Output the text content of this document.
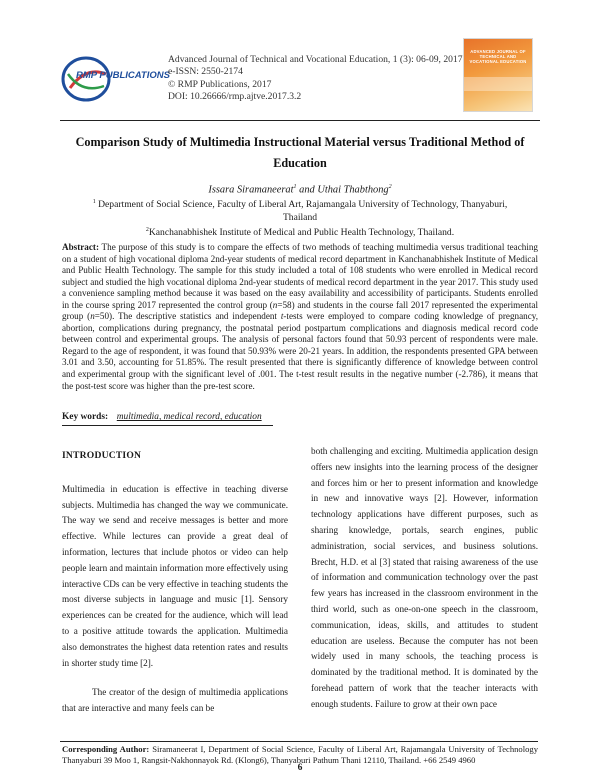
RMP PUBLICATIONS
Advanced Journal of Technical and Vocational Education, 1 (3): 06-09, 2017
e-ISSN: 2550-2174
© RMP Publications, 2017
DOI: 10.26666/rmp.ajtve.2017.3.2
ADVANCED JOURNAL OF TECHNICAL AND VOCATIONAL EDUCATION
Comparison Study of Multimedia Instructional Material versus Traditional Method of
Education
Issara Siramaneerat$^1$ and Uthai Thabthong$^2$
$^1$ Department of Social Science, Faculty of Liberal Art, Rajamangala University of Technology, Thanyaburi, Thailand
$^2$Kanchanabhishek Institute of Medical and Public Health Technology, Thailand.
Abstract: The purpose of this study is to compare the effects of two methods of teaching multimedia versus traditional teaching on a student of high vocational diploma 2nd-year students of medical record department in Kanchanabhishek Institute of Medical and Public Health Technology. The sample for this study included a total of 108 students who were enrolled in Medical record subject and studied the high vocational diploma 2nd-year students of medical record department in the year 2017. This study used a convenience sampling method because it was based on the easy availability and accessibility of participants. Students enrolled in the course spring 2017 represented the control group (n=58) and students in the course fall 2017 represented the experimental group (n=50). The descriptive statistics and independent t-tests were employed to compare coding knowledge of pregnancy, abortion, complications during pregnancy, the postnatal period postpartum complications and diagnosis medical record code between control and experimental groups. The analysis of personal factors found that 50.93 percent of respondents were male. Regard to the age of respondent, it was found that 50.93% were 20-21 years. In addition, the respondents presented GPA between 3.01 and 3.50, accounting for 51.85%. The result presented that there is significantly difference of knowledge between control and experimental group with the significant level of .001. The t-test result results in the negative number (-2.786), it means that the post-test score was higher than the pre-test score.
Key words: multimedia, medical record, education
INTRODUCTION

Multimedia in education is effective in teaching diverse subjects. Multimedia has changed the way we communicate. The way we send and receive messages is better and more effective. While lectures can provide a great deal of information, lectures that include photos or video can help people learn and maintain information more effectively using interactive CDs can be very effective in teaching students the most diverse subjects in language and music [1]. Sensory experiences can be created for the audience, which will lead to a positive attitude towards the application. Multimedia also demonstrates the highest data retention rates and results in shorter study time [2].

The creator of the design of multimedia applications that are interactive and many feels can be

both challenging and exciting. Multimedia application design offers new insights into the learning process of the designer and forces him or her to present information and knowledge in new and innovative ways [2]. However, information technology applications have different purposes, such as sharing knowledge, portals, search engines, public administration, social services, and business solutions. Brecht, H.D. et al [3] stated that raising awareness of the use of information and communication technology over the past few years has increased in the classroom environment in the third world, such as one-on-one speech in the classroom, communication, ideas, skills, and attitudes to student education are useless. Because the computer has not been widely used in many schools, the teaching process is dominated by the traditional method. It is dominated by the forehead pattern of work that the teacher interacts with enough students. Failure to grow at their own pace

Corresponding Author: Siramaneerat I, Department of Social Science, Faculty of Liberal Art, Rajamangala University of Technology Thanyaburi 39 Moo 1, Rangsit-Nakhonnayok Rd. (Klong6), Thanyaburi Pathum Thani 12110, Thailand. +66 2549 4960
6
